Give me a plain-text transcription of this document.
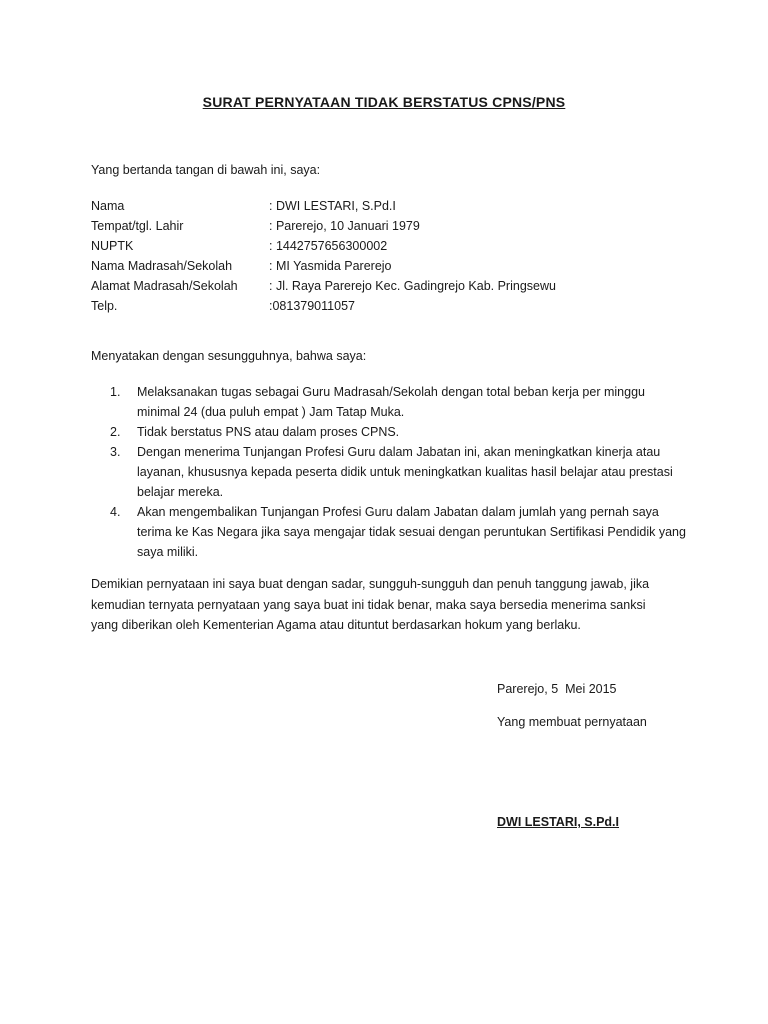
SURAT PERNYATAAN TIDAK BERSTATUS CPNS/PNS
Yang bertanda tangan di bawah ini, saya:
Nama	: DWI LESTARI, S.Pd.I
Tempat/tgl. Lahir	: Parerejo, 10 Januari 1979
NUPTK	: 1442757656300002
Nama Madrasah/Sekolah	: MI Yasmida Parerejo
Alamat Madrasah/Sekolah	: Jl. Raya Parerejo Kec. Gadingrejo Kab. Pringsewu
Telp.	:081379011057
Menyatakan dengan sesungguhnya, bahwa saya:
1. Melaksanakan tugas sebagai Guru Madrasah/Sekolah dengan total beban kerja per minggu minimal 24 (dua puluh empat ) Jam Tatap Muka.
2. Tidak berstatus PNS atau dalam proses CPNS.
3. Dengan menerima Tunjangan Profesi Guru dalam Jabatan ini, akan meningkatkan kinerja atau layanan, khususnya kepada peserta didik untuk meningkatkan kualitas hasil belajar atau prestasi belajar mereka.
4. Akan mengembalikan Tunjangan Profesi Guru dalam Jabatan dalam jumlah yang pernah saya terima ke Kas Negara jika saya mengajar tidak sesuai dengan peruntukan Sertifikasi Pendidik yang saya miliki.
Demikian pernyataan ini saya buat dengan sadar, sungguh-sungguh dan penuh tanggung jawab, jika kemudian ternyata pernyataan yang saya buat ini tidak benar, maka saya bersedia menerima sanksi yang diberikan oleh Kementerian Agama atau dituntut berdasarkan hokum yang berlaku.
Parerejo, 5  Mei 2015
Yang membuat pernyataan
DWI LESTARI, S.Pd.I
